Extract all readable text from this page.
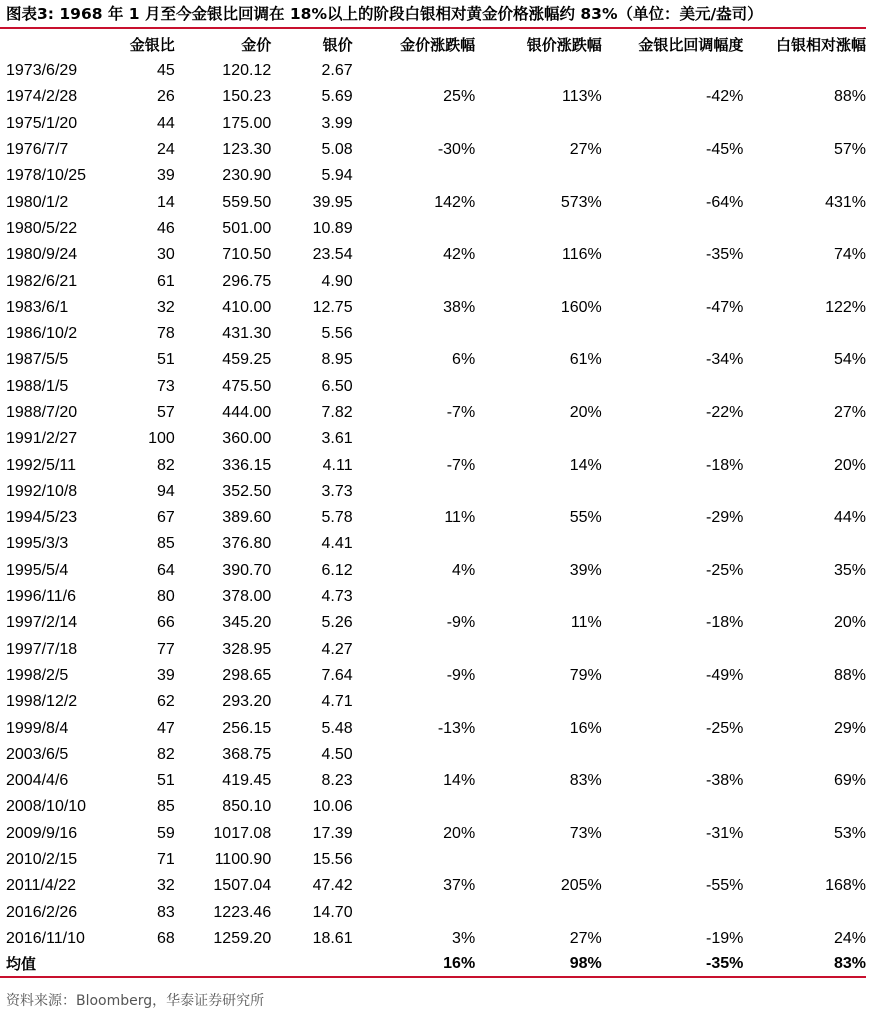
图表3: 1968 年 1 月至今金银比回调在 18%以上的阶段白银相对黄金价格涨幅约 83%（单位：美元/盎司）
	金银比	金价	银价	金价涨跌幅	银价涨跌幅	金银比回调幅度	白银相对涨幅
1973/6/29	45	120.12	2.67				
1974/2/28	26	150.23	5.69	25%	113%	-42%	88%
1975/1/20	44	175.00	3.99				
1976/7/7	24	123.30	5.08	-30%	27%	-45%	57%
1978/10/25	39	230.90	5.94				
1980/1/2	14	559.50	39.95	142%	573%	-64%	431%
1980/5/22	46	501.00	10.89				
1980/9/24	30	710.50	23.54	42%	116%	-35%	74%
1982/6/21	61	296.75	4.90				
1983/6/1	32	410.00	12.75	38%	160%	-47%	122%
1986/10/2	78	431.30	5.56				
1987/5/5	51	459.25	8.95	6%	61%	-34%	54%
1988/1/5	73	475.50	6.50				
1988/7/20	57	444.00	7.82	-7%	20%	-22%	27%
1991/2/27	100	360.00	3.61				
1992/5/11	82	336.15	4.11	-7%	14%	-18%	20%
1992/10/8	94	352.50	3.73				
1994/5/23	67	389.60	5.78	11%	55%	-29%	44%
1995/3/3	85	376.80	4.41				
1995/5/4	64	390.70	6.12	4%	39%	-25%	35%
1996/11/6	80	378.00	4.73				
1997/2/14	66	345.20	5.26	-9%	11%	-18%	20%
1997/7/18	77	328.95	4.27				
1998/2/5	39	298.65	7.64	-9%	79%	-49%	88%
1998/12/2	62	293.20	4.71				
1999/8/4	47	256.15	5.48	-13%	16%	-25%	29%
2003/6/5	82	368.75	4.50				
2004/4/6	51	419.45	8.23	14%	83%	-38%	69%
2008/10/10	85	850.10	10.06				
2009/9/16	59	1017.08	17.39	20%	73%	-31%	53%
2010/2/15	71	1100.90	15.56				
2011/4/22	32	1507.04	47.42	37%	205%	-55%	168%
2016/2/26	83	1223.46	14.70				
2016/11/10	68	1259.20	18.61	3%	27%	-19%	24%
均值				16%	98%	-35%	83%
资料来源：Bloomberg，华泰证券研究所
